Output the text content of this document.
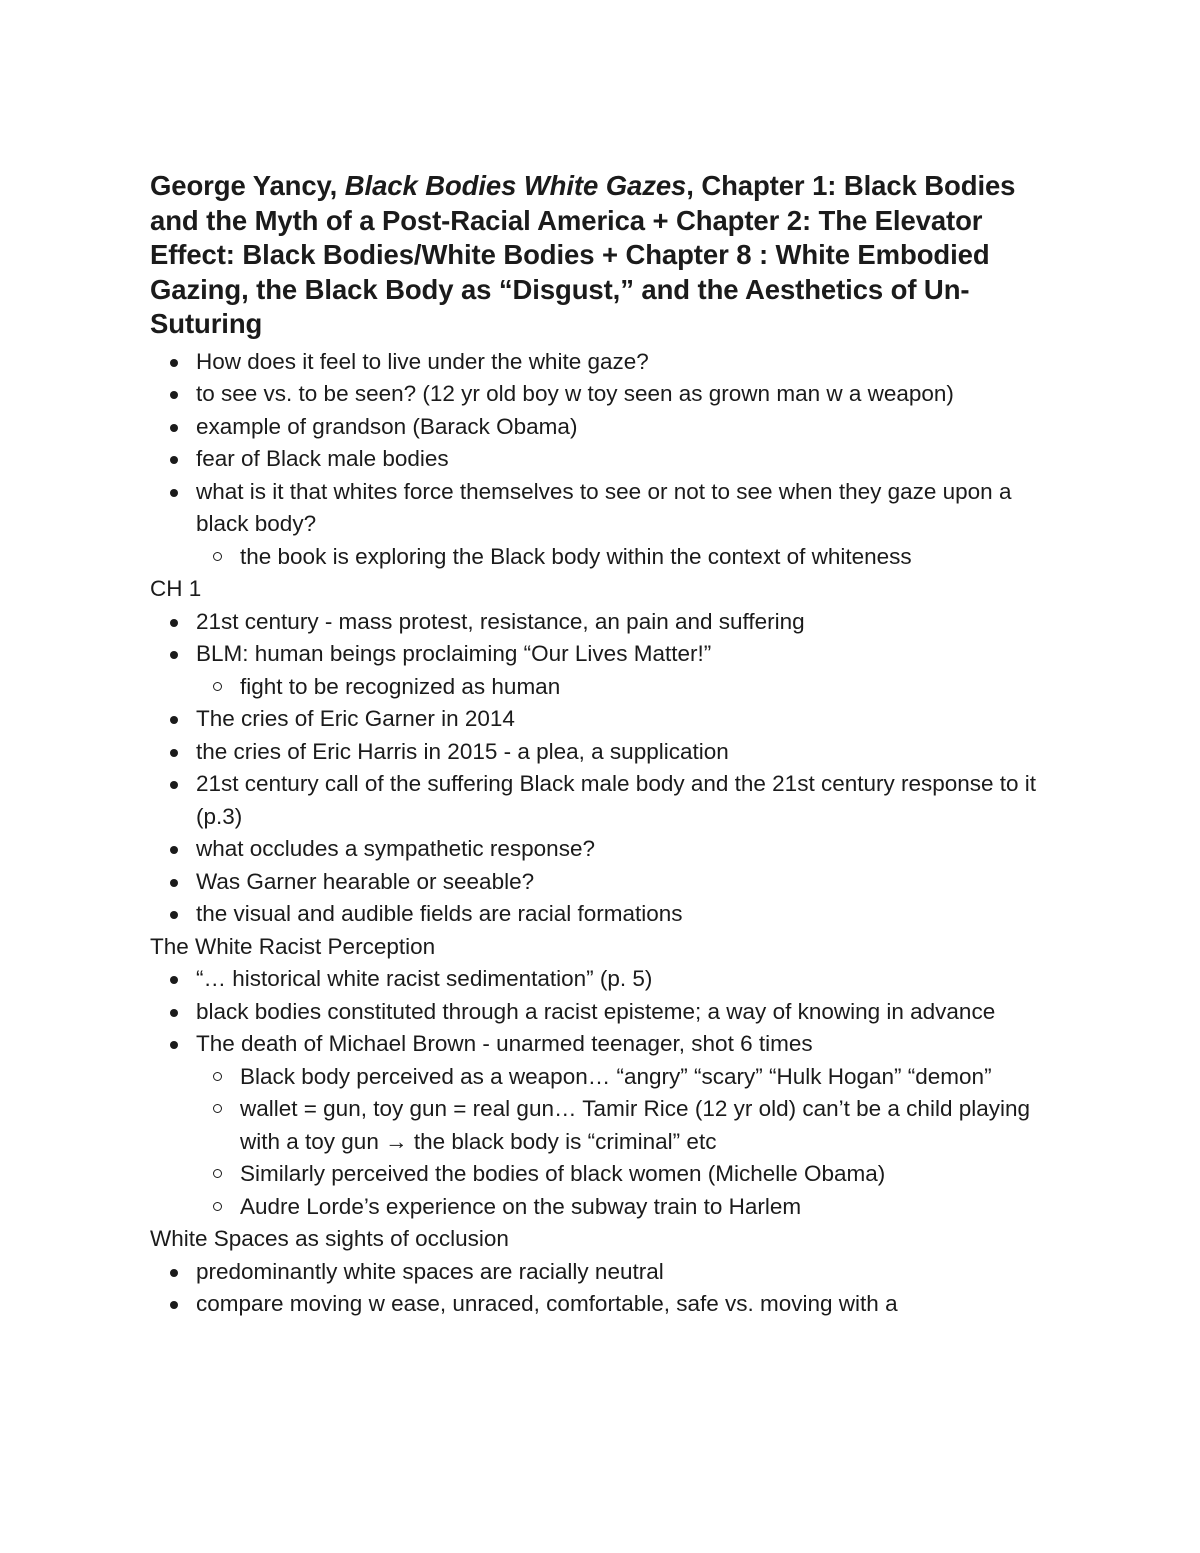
George Yancy, Black Bodies White Gazes, Chapter 1: Black Bodies and the Myth of a Post-Racial America + Chapter 2: The Elevator Effect: Black Bodies/White Bodies + Chapter 8 : White Embodied Gazing, the Black Body as “Disgust,” and the Aesthetics of Un-Suturing
How does it feel to live under the white gaze?
to see vs. to be seen? (12 yr old boy w toy seen as grown man w a weapon)
example of grandson (Barack Obama)
fear of Black male bodies
what is it that whites force themselves to see or not to see when they gaze upon a black body?
the book is exploring the Black body within the context of whiteness

CH 1

21st century - mass protest, resistance, an pain and suffering
BLM: human beings proclaiming “Our Lives Matter!”
fight to be recognized as human
The cries of Eric Garner in 2014
the cries of Eric Harris in 2015 - a plea, a supplication
21st century call of the suffering Black male body and the 21st century response to it (p.3)
what occludes a sympathetic response?
Was Garner hearable or seeable?
the visual and audible fields are racial formations

The White Racist Perception

“… historical white racist sedimentation” (p. 5)
black bodies constituted through a racist episteme; a way of knowing in advance
The death of Michael Brown - unarmed teenager, shot 6 times
Black body perceived as a weapon… “angry” “scary” “Hulk Hogan” “demon”
wallet = gun, toy gun = real gun… Tamir Rice (12 yr old) can’t be a child playing with a toy gun → the black body is “criminal” etc
Similarly perceived the bodies of black women (Michelle Obama)
Audre Lorde’s experience on the subway train to Harlem

White Spaces as sights of occlusion

predominantly white spaces are racially neutral
compare moving w ease, unraced, comfortable, safe vs. moving with a
